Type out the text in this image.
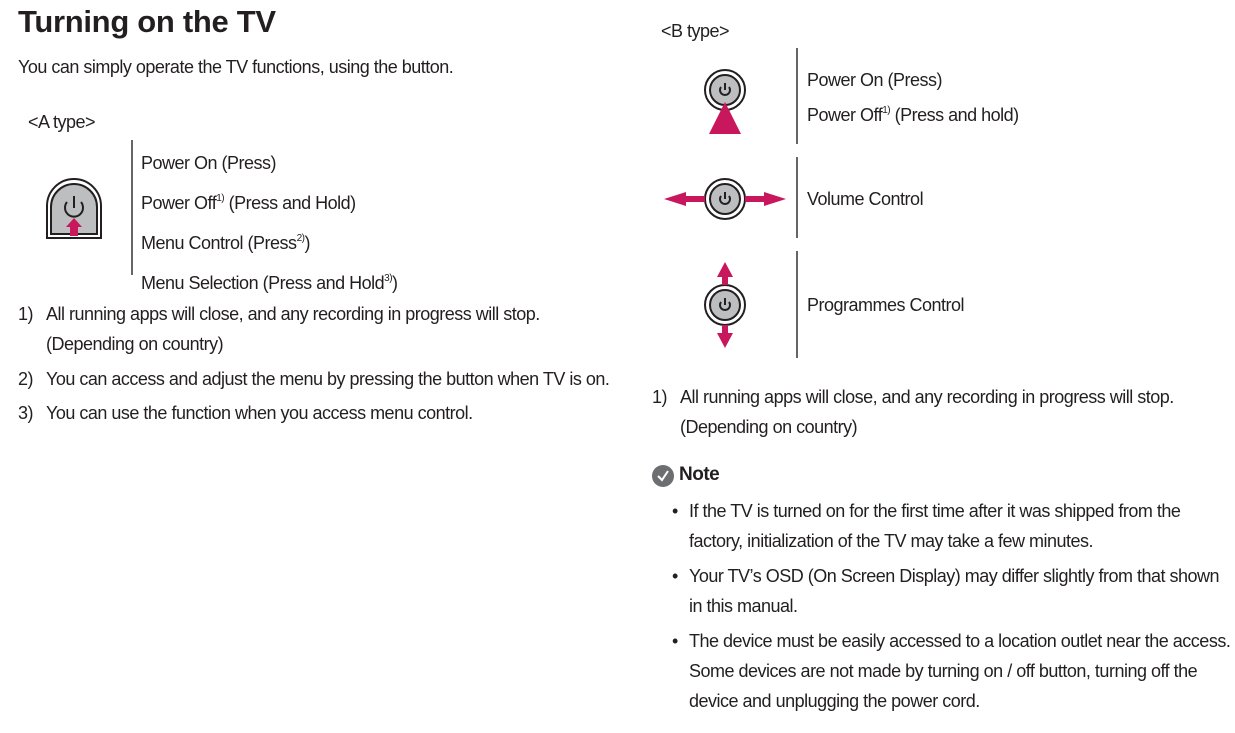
Turning on the TV
You can simply operate the TV functions, using the button.
<A type>
Power On (Press)
Power Off$^{1)}$ (Press and Hold)
Menu Control (Press$^{2)}$)
Menu Selection (Press and Hold$^{3)}$)
1) All running apps will close, and any recording in progress will stop.
(Depending on country)
2) You can access and adjust the menu by pressing the button when TV is on.
3) You can use the function when you access menu control.
<B type>
Power On (Press)
Power Off$^{1)}$ (Press and hold)
Volume Control
Programmes Control
1) All running apps will close, and any recording in progress will stop.
(Depending on country)
Note
• If the TV is turned on for the first time after it was shipped from the factory, initialization of the TV may take a few minutes.
• Your TV’s OSD (On Screen Display) may differ slightly from that shown in this manual.
• The device must be easily accessed to a location outlet near the access. Some devices are not made by turning on / off button, turning off the device and unplugging the power cord.
